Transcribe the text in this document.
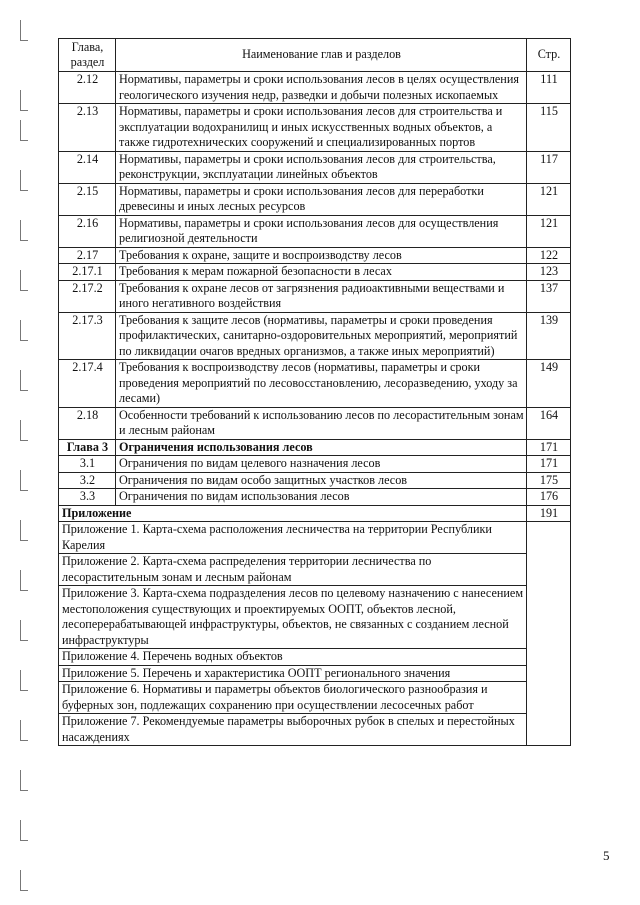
Глава, раздел	Наименование глав и разделов	Стр.
2.12	Нормативы, параметры и сроки использования лесов в целях осуществления геологического изучения недр, разведки и добычи полезных ископаемых	111
2.13	Нормативы, параметры и сроки использования лесов для строительства и эксплуатации водохранилищ и иных искусственных водных объектов, а также гидротехнических сооружений и специализированных портов	115
2.14	Нормативы, параметры и сроки использования лесов для строительства, реконструкции, эксплуатации линейных объектов	117
2.15	Нормативы, параметры и сроки использования лесов для переработки древесины и иных лесных ресурсов	121
2.16	Нормативы, параметры и сроки использования лесов для осуществления религиозной деятельности	121
2.17	Требования к охране, защите и воспроизводству лесов	122
2.17.1	Требования к мерам пожарной безопасности в лесах	123
2.17.2	Требования к охране лесов от загрязнения радиоактивными веществами и иного негативного воздействия	137
2.17.3	Требования к защите лесов (нормативы, параметры и сроки проведения профилактических, санитарно-оздоровительных мероприятий, мероприятий по ликвидации очагов вредных организмов, а также иных мероприятий)	139
2.17.4	Требования к воспроизводству лесов (нормативы, параметры и сроки проведения мероприятий по лесовосстановлению, лесоразведению, уходу за лесами)	149
2.18	Особенности требований к использованию лесов по лесорастительным зонам и лесным районам	164
Глава 3	Ограничения использования лесов	171
3.1	Ограничения по видам целевого назначения лесов	171
3.2	Ограничения по видам особо защитных участков лесов	175
3.3	Ограничения по видам использования лесов	176
Приложение		191
Приложение 1. Карта-схема расположения лесничества на территории Республики Карелия		
Приложение 2. Карта-схема распределения территории лесничества по лесорастительным зонам и лесным районам		
Приложение 3. Карта-схема подразделения лесов по целевому назначению с нанесением местоположения существующих и проектируемых ООПТ, объектов лесной, лесоперерабатывающей инфраструктуры, объектов, не связанных с созданием лесной инфраструктуры		
Приложение 4. Перечень водных объектов		
Приложение 5. Перечень и характеристика ООПТ регионального значения		
Приложение 6. Нормативы и параметры объектов биологического разнообразия и буферных зон, подлежащих сохранению при осуществлении лесосечных работ		
Приложение 7. Рекомендуемые параметры выборочных рубок в спелых и перестойных насаждениях		
5
